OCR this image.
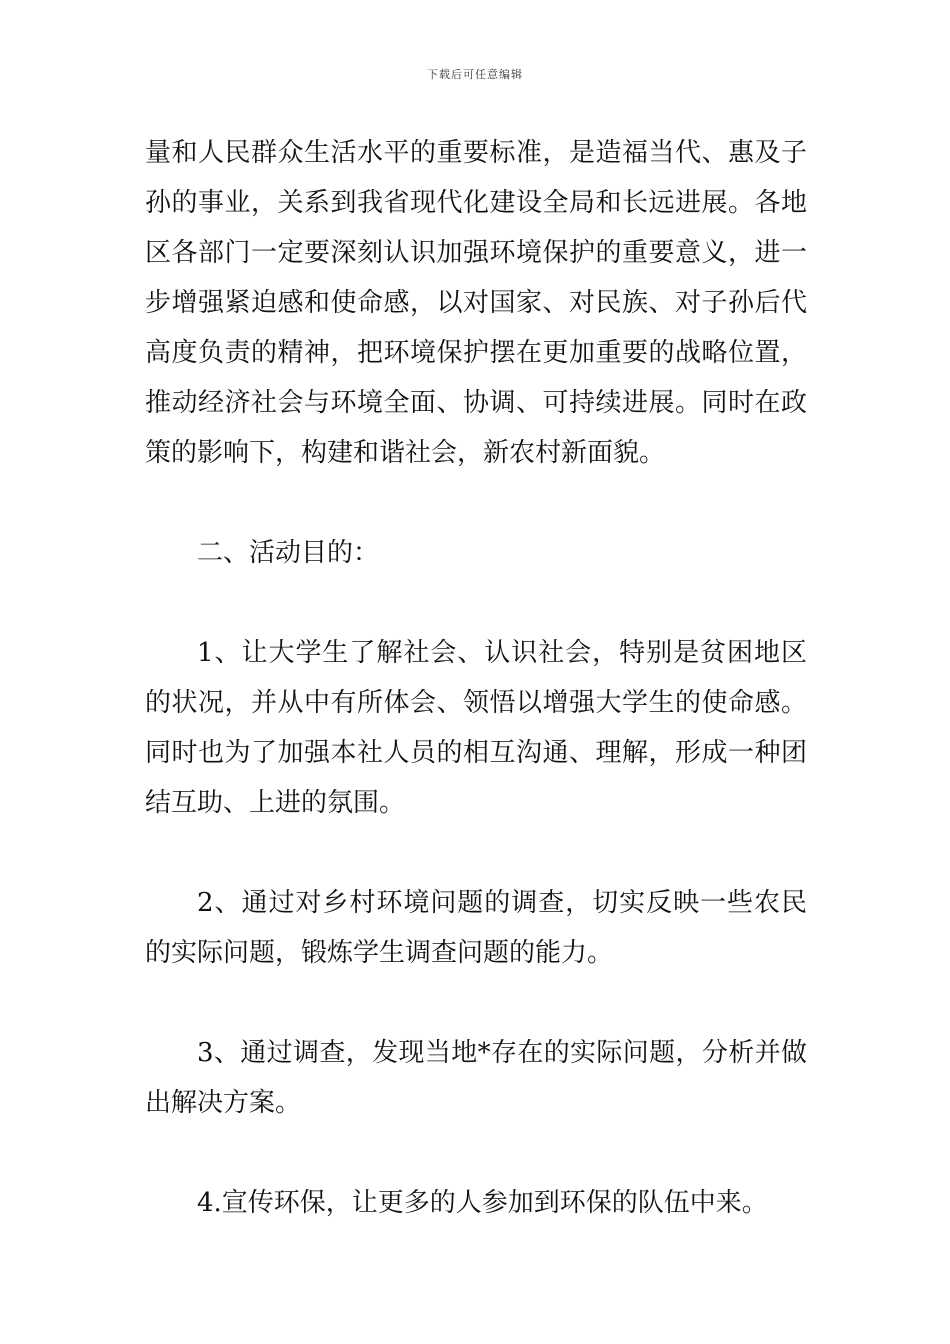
下载后可任意编辑

量和人民群众生活水平的重要标准，是造福当代、惠及子孙的事业，关系到我省现代化建设全局和长远进展。各地区各部门一定要深刻认识加强环境保护的重要意义，进一步增强紧迫感和使命感，以对国家、对民族、对子孙后代高度负责的精神，把环境保护摆在更加重要的战略位置，推动经济社会与环境全面、协调、可持续进展。同时在政策的影响下，构建和谐社会，新农村新面貌。

二、活动目的：

1、让大学生了解社会、认识社会，特别是贫困地区的状况，并从中有所体会、领悟以增强大学生的使命感。同时也为了加强本社人员的相互沟通、理解，形成一种团结互助、上进的氛围。

2、通过对乡村环境问题的调查，切实反映一些农民的实际问题，锻炼学生调查问题的能力。

3、通过调查，发现当地*存在的实际问题，分析并做出解决方案。

4.宣传环保，让更多的人参加到环保的队伍中来。
